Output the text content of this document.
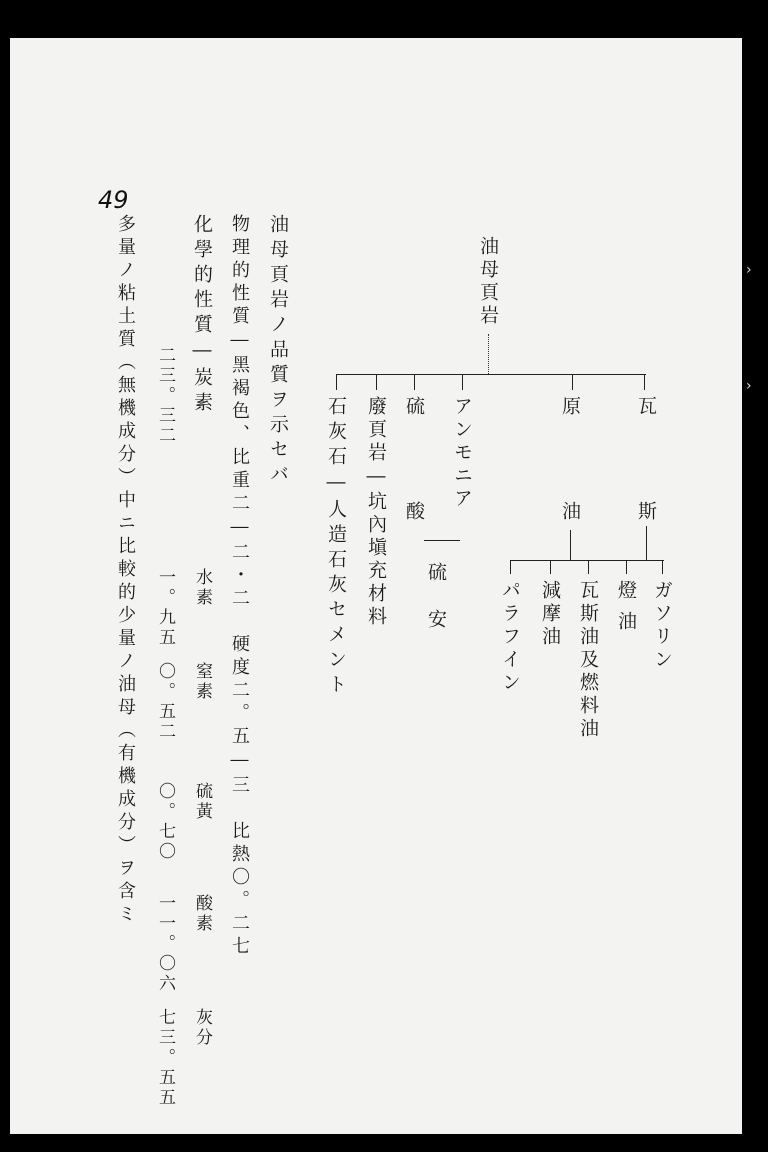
›
›
49
油母頁岩
瓦斯
ガソリン
燈油
瓦斯油及燃料油
原油
減摩油
パラフイン
アンモニア
硫安
硫酸
廢頁岩―坑內塡充材料
石灰石―人造石灰セメント
油母頁岩ノ品質ヲ示セバ
物理的性質―黑褐色、比重二―二・二　硬度二。五―三　比熱〇。二七
化學的性質―炭素
水素
窒素
硫黃
酸素
灰分
二三。三二
一。九五
〇。五二
〇。七〇
一一。〇六
七三。五五
多量ノ粘土質（無機成分）中ニ比較的少量ノ油母（有機成分）ヲ含ミ
